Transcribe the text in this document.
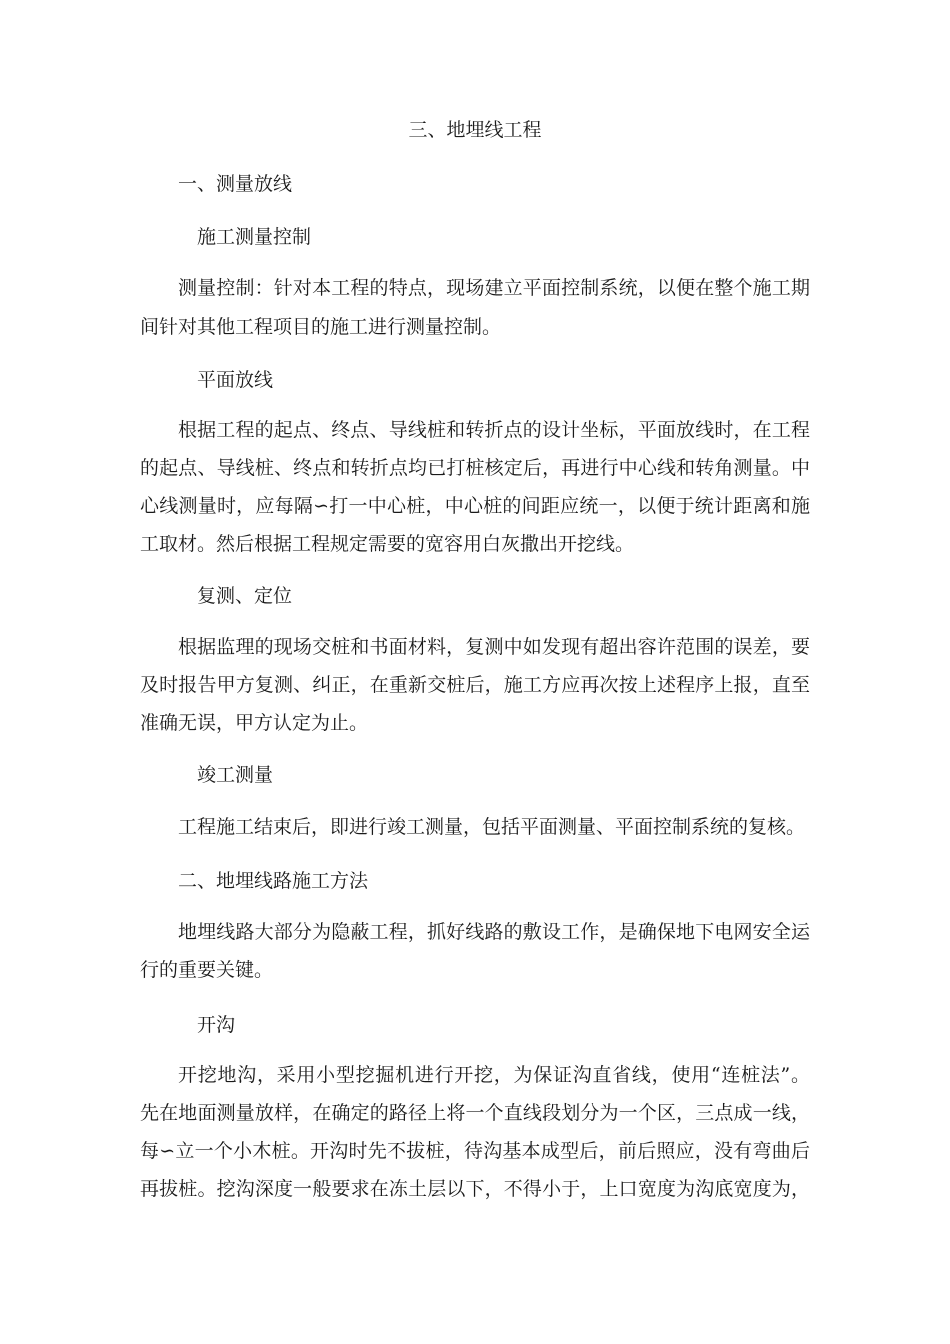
三、地埋线工程
一、测量放线
施工测量控制
测量控制：针对本工程的特点，现场建立平面控制系统，以便在整个施工期
间针对其他工程项目的施工进行测量控制。
平面放线
根据工程的起点、终点、导线桩和转折点的设计坐标，平面放线时，在工程
的起点、导线桩、终点和转折点均已打桩核定后，再进行中心线和转角测量。中
心线测量时，应每隔∽打一中心桩，中心桩的间距应统一，以便于统计距离和施
工取材。然后根据工程规定需要的宽容用白灰撒出开挖线。
复测、定位
根据监理的现场交桩和书面材料，复测中如发现有超出容许范围的误差，要
及时报告甲方复测、纠正，在重新交桩后，施工方应再次按上述程序上报，直至
准确无误，甲方认定为止。
竣工测量
工程施工结束后，即进行竣工测量，包括平面测量、平面控制系统的复核。
二、地埋线路施工方法
地埋线路大部分为隐蔽工程，抓好线路的敷设工作，是确保地下电网安全运
行的重要关键。
开沟
开挖地沟，采用小型挖掘机进行开挖，为保证沟直省线，使用“连桩法”。
先在地面测量放样，在确定的路径上将一个直线段划分为一个区，三点成一线，
每∽立一个小木桩。开沟时先不拔桩，待沟基本成型后，前后照应，没有弯曲后
再拔桩。挖沟深度一般要求在冻土层以下，不得小于，上口宽度为沟底宽度为，
